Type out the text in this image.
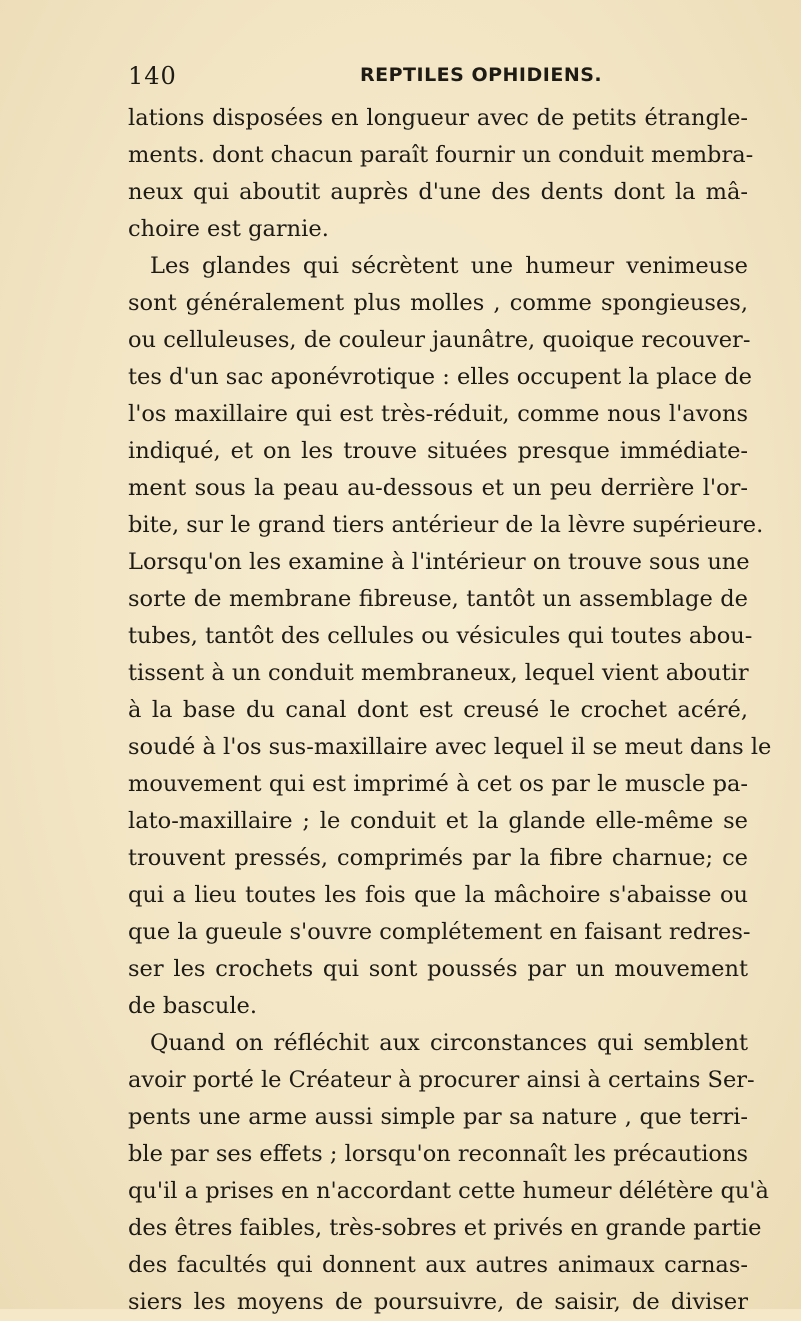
140	REPTILES OPHIDIENS.
lations disposées en longueur avec de petits étrangle-
ments. dont chacun paraît fournir un conduit membra-
neux qui aboutit auprès d'une des dents dont la mâ-
choire est garnie.
Les glandes qui sécrètent une humeur venimeuse
sont généralement plus molles , comme spongieuses,
ou celluleuses, de couleur jaunâtre, quoique recouver-
tes d'un sac aponévrotique : elles occupent la place de
l'os maxillaire qui est très-réduit, comme nous l'avons
indiqué, et on les trouve situées presque immédiate-
ment sous la peau au-dessous et un peu derrière l'or-
bite, sur le grand tiers antérieur de la lèvre supérieure.
Lorsqu'on les examine à l'intérieur on trouve sous une
sorte de membrane fibreuse, tantôt un assemblage de
tubes, tantôt des cellules ou vésicules qui toutes abou-
tissent à un conduit membraneux, lequel vient aboutir
à la base du canal dont est creusé le crochet acéré,
soudé à l'os sus-maxillaire avec lequel il se meut dans le
mouvement qui est imprimé à cet os par le muscle pa-
lato-maxillaire ; le conduit et la glande elle-même se
trouvent pressés, comprimés par la fibre charnue; ce
qui a lieu toutes les fois que la mâchoire s'abaisse ou
que la gueule s'ouvre complétement en faisant redres-
ser les crochets qui sont poussés par un mouvement
de bascule.
Quand on réfléchit aux circonstances qui semblent
avoir porté le Créateur à procurer ainsi à certains Ser-
pents une arme aussi simple par sa nature , que terri-
ble par ses effets ; lorsqu'on reconnaît les précautions
qu'il a prises en n'accordant cette humeur délétère qu'à
des êtres faibles, très-sobres et privés en grande partie
des facultés qui donnent aux autres animaux carnas-
siers les moyens de poursuivre, de saisir, de diviser
